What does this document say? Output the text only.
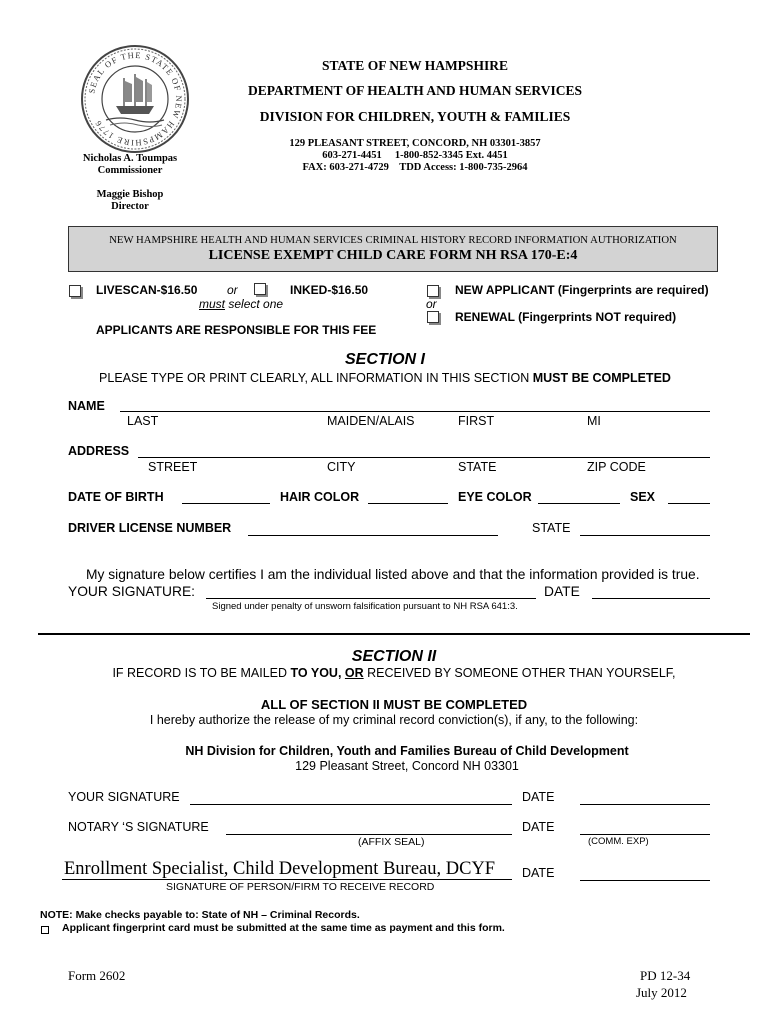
SEAL OF THE STATE OF NEW HAMPSHIRE 1776
STATE OF NEW HAMPSHIRE
DEPARTMENT OF HEALTH AND HUMAN SERVICES
DIVISION FOR CHILDREN, YOUTH & FAMILIES
129 PLEASANT STREET, CONCORD, NH 03301-3857
603-271-4451     1-800-852-3345 Ext. 4451
FAX: 603-271-4729    TDD Access: 1-800-735-2964
Nicholas A. Toumpas
Commissioner
Maggie Bishop
Director
NEW HAMPSHIRE HEALTH AND HUMAN SERVICES CRIMINAL HISTORY RECORD INFORMATION AUTHORIZATION
LICENSE EXEMPT CHILD CARE FORM NH RSA 170-E:4
LIVESCAN-$16.50 or	INKED-$16.50
must select one
NEW APPLICANT (Fingerprints are required)
or
RENEWAL (Fingerprints NOT required)
APPLICANTS ARE RESPONSIBLE FOR THIS FEE
SECTION I
PLEASE TYPE OR PRINT CLEARLY, ALL INFORMATION IN THIS SECTION MUST BE COMPLETED
NAME
LAST	MAIDEN/ALAIS	FIRST	MI
ADDRESS
STREET	CITY	STATE	ZIP CODE
DATE OF BIRTH	HAIR COLOR	EYE COLOR	SEX
DRIVER LICENSE NUMBER	STATE
My signature below certifies I am the individual listed above and that the information provided is true.
YOUR SIGNATURE:	DATE
Signed under penalty of unsworn falsification pursuant to NH RSA 641:3.
SECTION II
IF RECORD IS TO BE MAILED TO YOU, OR RECEIVED BY SOMEONE OTHER THAN YOURSELF,
ALL OF SECTION II MUST BE COMPLETED
I hereby authorize the release of my criminal record conviction(s), if any, to the following:
NH Division for Children, Youth and Families Bureau of Child Development
129 Pleasant Street, Concord NH 03301
YOUR SIGNATURE	DATE
NOTARY ‘S SIGNATURE	DATE
(AFFIX SEAL)	(COMM. EXP)
Enrollment Specialist, Child Development Bureau, DCYF DATE
SIGNATURE OF PERSON/FIRM TO RECEIVE RECORD
NOTE: Make checks payable to: State of NH – Criminal Records.
Applicant fingerprint card must be submitted at the same time as payment and this form.
Form 2602	PD 12-34
July 2012
